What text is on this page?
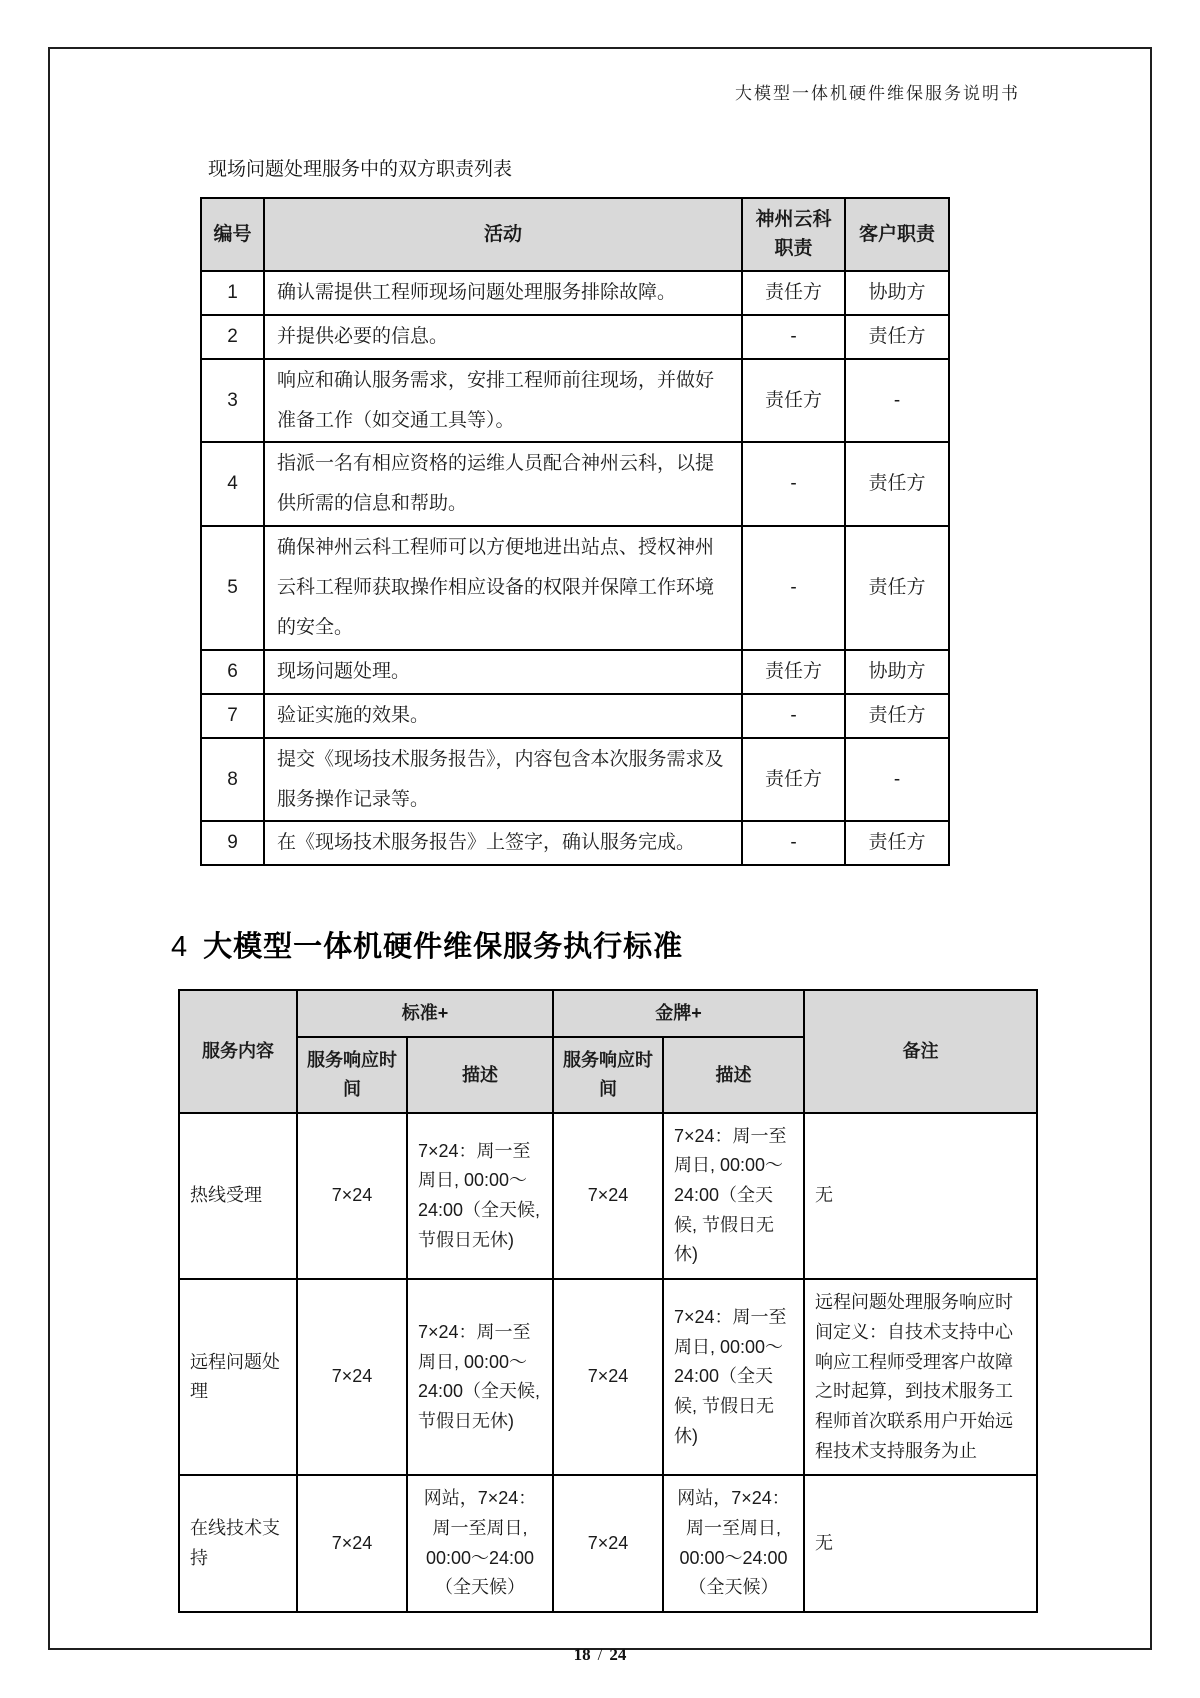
大模型一体机硬件维保服务说明书

现场问题处理服务中的双方职责列表

编号	活动	神州云科职责	客户职责
1	确认需提供工程师现场问题处理服务排除故障。	责任方	协助方
2	并提供必要的信息。	-	责任方
3	响应和确认服务需求，安排工程师前往现场，并做好准备工作（如交通工具等）。	责任方	-
4	指派一名有相应资格的运维人员配合神州云科，以提供所需的信息和帮助。	-	责任方
5	确保神州云科工程师可以方便地进出站点、授权神州云科工程师获取操作相应设备的权限并保障工作环境的安全。	-	责任方
6	现场问题处理。	责任方	协助方
7	验证实施的效果。	-	责任方
8	提交《现场技术服务报告》，内容包含本次服务需求及服务操作记录等。	责任方	-
9	在《现场技术服务报告》上签字，确认服务完成。	-	责任方
4 大模型一体机硬件维保服务执行标准
服务内容	标准+		金牌+		备注
	服务响应时间	描述	服务响应时间	描述	
热线受理	7×24	7×24：周一至周日, 00:00～24:00（全天候, 节假日无休)	7×24	7×24：周一至周日, 00:00～24:00（全天候, 节假日无休)	无
远程问题处理	7×24	7×24：周一至周日, 00:00～24:00（全天候, 节假日无休)	7×24	7×24：周一至周日, 00:00～24:00（全天候, 节假日无休)	远程问题处理服务响应时间定义：自技术支持中心响应工程师受理客户故障之时起算，到技术服务工程师首次联系用户开始远程技术支持服务为止
在线技术支持	7×24	网站，7×24：周一至周日, 00:00～24:00（全天候）	7×24	网站，7×24：周一至周日, 00:00～24:00（全天候）	无
18 / 24
